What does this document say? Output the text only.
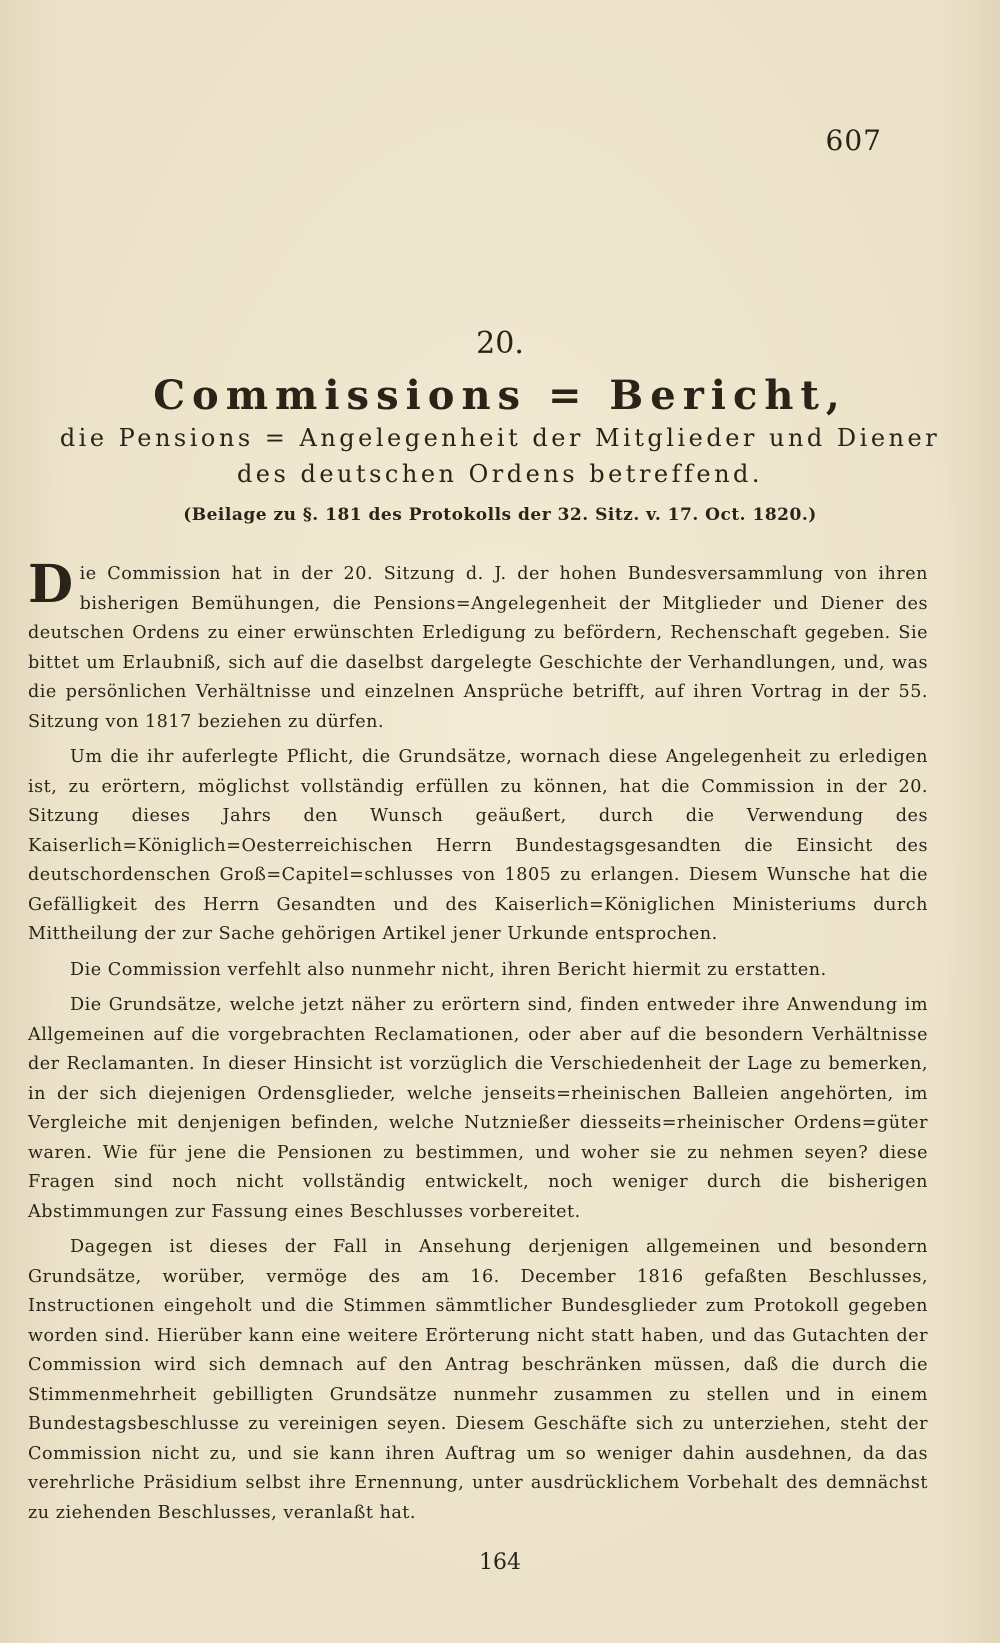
607
20.
Commissions = Bericht,
die Pensions = Angelegenheit der Mitglieder und Diener
des deutschen Ordens betreffend.
(Beilage zu §. 181 des Protokolls der 32. Sitz. v. 17. Oct. 1820.)

Die Commission hat in der 20. Sitzung d. J. der hohen Bundesversammlung von ihren bisherigen Bemühungen, die Pensions=Angelegenheit der Mitglieder und Diener des deutschen Ordens zu einer erwünschten Erledigung zu befördern, Rechenschaft gegeben. Sie bittet um Erlaubniß, sich auf die daselbst dargelegte Geschichte der Verhandlungen, und, was die persönlichen Verhältnisse und einzelnen Ansprüche betrifft, auf ihren Vortrag in der 55. Sitzung von 1817 beziehen zu dürfen.

Um die ihr auferlegte Pflicht, die Grundsätze, wornach diese Angelegenheit zu erledigen ist, zu erörtern, möglichst vollständig erfüllen zu können, hat die Commission in der 20. Sitzung dieses Jahrs den Wunsch geäußert, durch die Verwendung des Kaiserlich=Königlich=Oesterreichischen Herrn Bundestagsgesandten die Einsicht des deutschordenschen Groß=Capitel=schlusses von 1805 zu erlangen. Diesem Wunsche hat die Gefälligkeit des Herrn Gesandten und des Kaiserlich=Königlichen Ministeriums durch Mittheilung der zur Sache gehörigen Artikel jener Urkunde entsprochen.

Die Commission verfehlt also nunmehr nicht, ihren Bericht hiermit zu erstatten.

Die Grundsätze, welche jetzt näher zu erörtern sind, finden entweder ihre Anwendung im Allgemeinen auf die vorgebrachten Reclamationen, oder aber auf die besondern Verhältnisse der Reclamanten. In dieser Hinsicht ist vorzüglich die Verschiedenheit der Lage zu bemerken, in der sich diejenigen Ordensglieder, welche jenseits=rheinischen Balleien angehörten, im Vergleiche mit denjenigen befinden, welche Nutznießer diesseits=rheinischer Ordens=güter waren. Wie für jene die Pensionen zu bestimmen, und woher sie zu nehmen seyen? diese Fragen sind noch nicht vollständig entwickelt, noch weniger durch die bisherigen Abstimmungen zur Fassung eines Beschlusses vorbereitet.

Dagegen ist dieses der Fall in Ansehung derjenigen allgemeinen und besondern Grundsätze, worüber, vermöge des am 16. December 1816 gefaßten Beschlusses, Instructionen eingeholt und die Stimmen sämmtlicher Bundesglieder zum Protokoll gegeben worden sind. Hierüber kann eine weitere Erörterung nicht statt haben, und das Gutachten der Commission wird sich demnach auf den Antrag beschränken müssen, daß die durch die Stimmenmehrheit gebilligten Grundsätze nunmehr zusammen zu stellen und in einem Bundestagsbeschlusse zu vereinigen seyen. Diesem Geschäfte sich zu unterziehen, steht der Commission nicht zu, und sie kann ihren Auftrag um so weniger dahin ausdehnen, da das verehrliche Präsidium selbst ihre Ernennung, unter ausdrücklichem Vorbehalt des demnächst zu ziehenden Beschlusses, veranlaßt hat.

164
